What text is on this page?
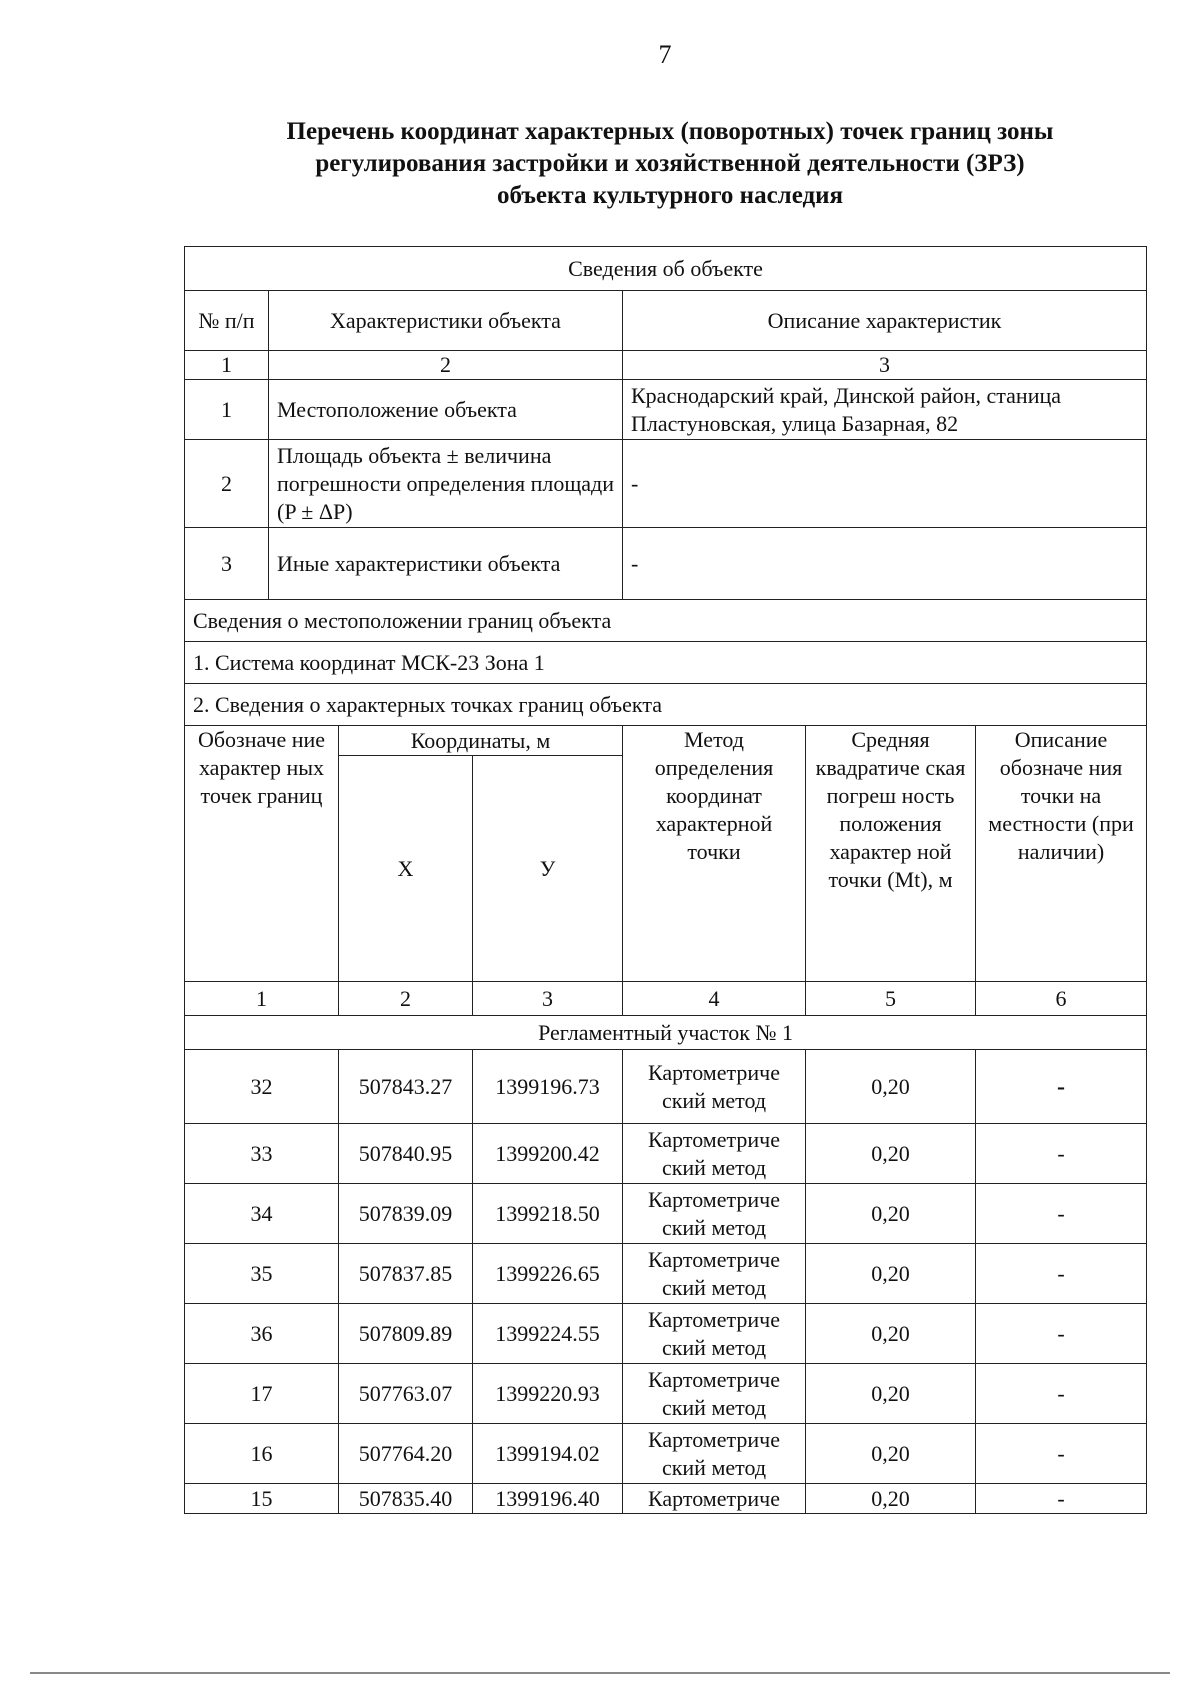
7
Перечень координат характерных (поворотных) точек границ зоны
регулирования застройки и хозяйственной деятельности (ЗРЗ)
объекта культурного наследия
Сведения об объекте						
№ п/п	Характеристики объекта			Описание характеристик		
1	2			3		
1	Местоположение объекта			Краснодарский край, Динской район, станица Пластуновская, улица Базарная, 82		
2	Площадь объекта ± величина погрешности определения площади (P ± ΔP)			-		
3	Иные характеристики объекта			-		
Сведения о местоположении границ объекта						
1. Система координат МСК-23 Зона 1						
2. Сведения о характерных точках границ объекта						
Обозначе ние характер ных точек границ		Координаты, м		Метод определения координат характерной точки	Средняя квадратиче ская погреш ность положения характер ной точки (Mt), м	Описание обозначе ния точки на местности (при наличии)
		Х	У			
1		2	3	4	5	6
Регламентный участок № 1						
32		507843.27	1399196.73	Картометриче ский метод	0,20	-
33		507840.95	1399200.42	Картометриче ский метод	0,20	-
34		507839.09	1399218.50	Картометриче ский метод	0,20	-
35		507837.85	1399226.65	Картометриче ский метод	0,20	-
36		507809.89	1399224.55	Картометриче ский метод	0,20	-
17		507763.07	1399220.93	Картометриче ский метод	0,20	-
16		507764.20	1399194.02	Картометриче ский метод	0,20	-
15		507835.40	1399196.40	Картометриче	0,20	-
